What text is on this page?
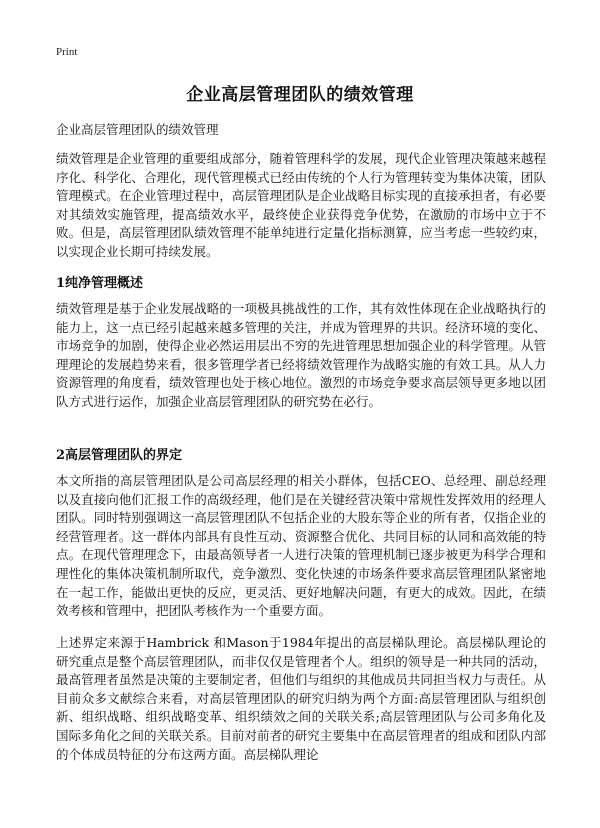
Print
企业高层管理团队的绩效管理
企业高层管理团队的绩效管理

绩效管理是企业管理的重要组成部分，随着管理科学的发展，现代企业管理决策越来越程序化、科学化、合理化，现代管理模式已经由传统的个人行为管理转变为集体决策，团队管理模式。在企业管理过程中，高层管理团队是企业战略目标实现的直接承担者，有必要对其绩效实施管理，提高绩效水平，最终使企业获得竞争优势，在激励的市场中立于不败。但是，高层管理团队绩效管理不能单纯进行定量化指标测算，应当考虑一些较约束，以实现企业长期可持续发展。

1纯净管理概述

绩效管理是基于企业发展战略的一项极具挑战性的工作，其有效性体现在企业战略执行的能力上，这一点已经引起越来越多管理的关注，并成为管理界的共识。经济环境的变化、市场竞争的加剧，使得企业必然运用层出不穷的先进管理思想加强企业的科学管理。从管理理论的发展趋势来看，很多管理学者已经将绩效管理作为战略实施的有效工具。从人力资源管理的角度看，绩效管理也处于核心地位。激烈的市场竞争要求高层领导更多地以团队方式进行运作，加强企业高层管理团队的研究势在必行。

2高层管理团队的界定

本文所指的高层管理团队是公司高层经理的相关小群体，包括CEO、总经理、副总经理以及直接向他们汇报工作的高级经理，他们是在关键经营决策中常规性发挥效用的经理人团队。同时特别强调这一高层管理团队不包括企业的大股东等企业的所有者，仅指企业的经营管理者。这一群体内部具有良性互动、资源整合优化、共同目标的认同和高效能的特点。在现代管理理念下，由最高领导者一人进行决策的管理机制已逐步被更为科学合理和理性化的集体决策机制所取代，竞争激烈、变化快速的市场条件要求高层管理团队紧密地在一起工作，能做出更快的反应，更灵活、更好地解决问题，有更大的成效。因此，在绩效考核和管理中，把团队考核作为一个重要方面。

上述界定来源于Hambrick 和Mason于1984年提出的高层梯队理论。高层梯队理论的研究重点是整个高层管理团队，而非仅仅是管理者个人。组织的领导是一种共同的活动，最高管理者虽然是决策的主要制定者，但他们与组织的其他成员共同担当权力与责任。从目前众多文献综合来看，对高层管理团队的研究归纳为两个方面:高层管理团队与组织创新、组织战略、组织战略变革、组织绩效之间的关联关系;高层管理团队与公司多角化及国际多角化之间的关联关系。目前对前者的研究主要集中在高层管理者的组成和团队内部的个体成员特征的分布这两方面。高层梯队理论
